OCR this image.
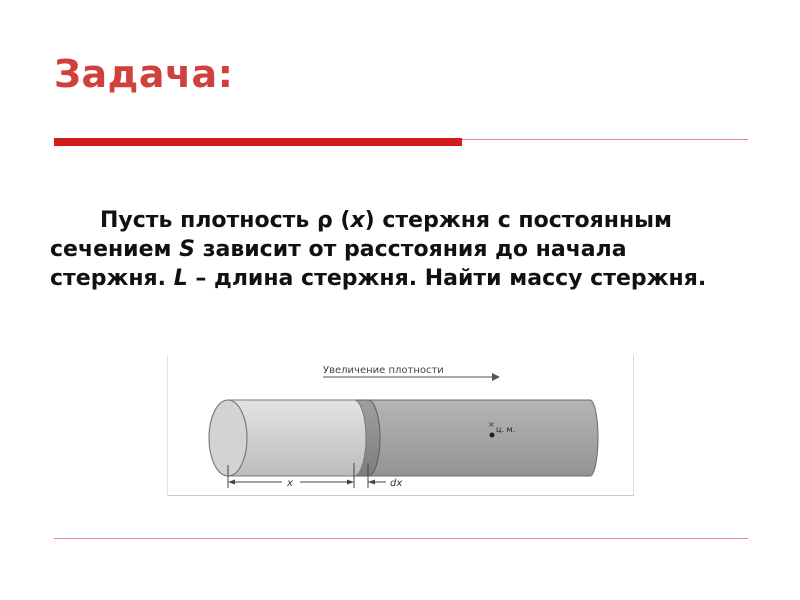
Задача:
Пусть плотность ρ (x) стержня с постоянным сечением S зависит от расстояния до начала стержня. L – длина стержня. Найти массу стержня.
Увеличение плотности
×
ц. м.
x	dx
